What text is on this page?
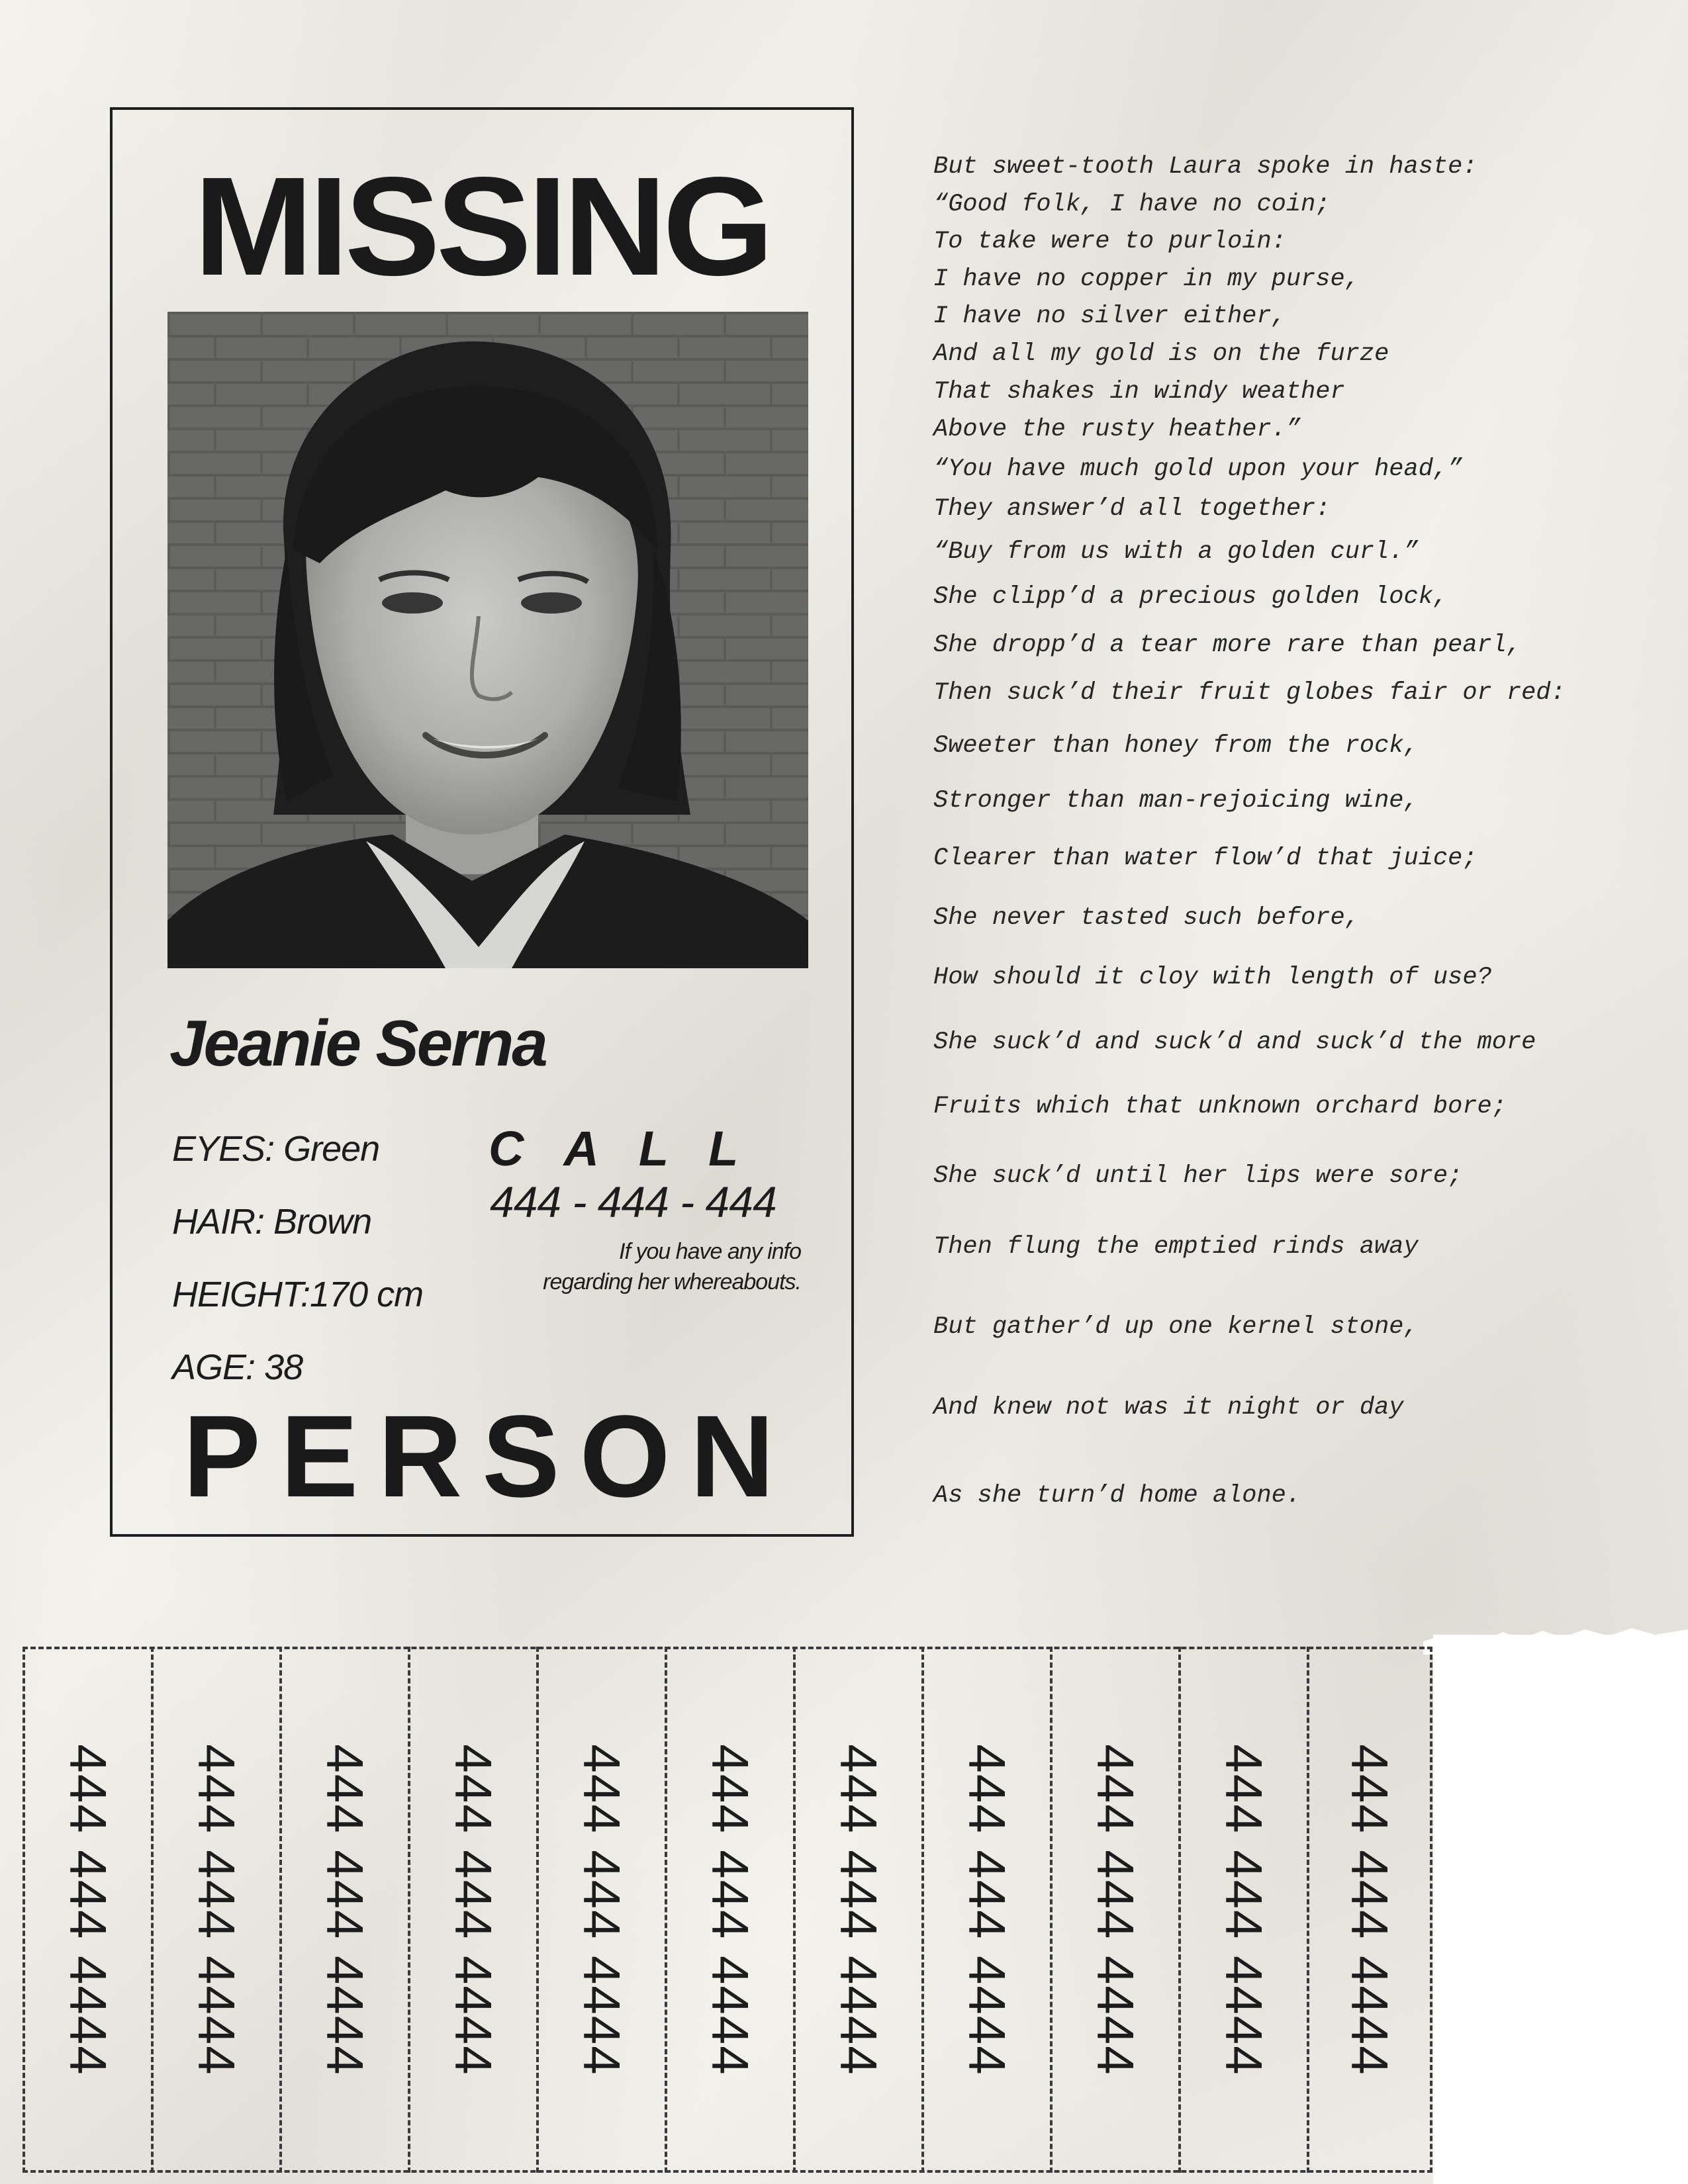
MISSING
Jeanie Serna
EYES: Green
HAIR: Brown
HEIGHT:170 cm
AGE: 38
CALL
444 - 444 - 444
If you have any info
regarding her whereabouts.
PERSON
But sweet-tooth Laura spoke in haste:
“Good folk, I have no coin;
To take were to purloin:
I have no copper in my purse,
I have no silver either,
And all my gold is on the furze
That shakes in windy weather
Above the rusty heather.”
“You have much gold upon your head,”
They answer’d all together:
“Buy from us with a golden curl.”
She clipp’d a precious golden lock,
She dropp’d a tear more rare than pearl,
Then suck’d their fruit globes fair or red:
Sweeter than honey from the rock,
Stronger than man-rejoicing wine,
Clearer than water flow’d that juice;
She never tasted such before,
How should it cloy with length of use?
She suck’d and suck’d and suck’d the more
Fruits which that unknown orchard bore;
She suck’d until her lips were sore;
Then flung the emptied rinds away
But gather’d up one kernel stone,
And knew not was it night or day
As she turn’d home alone.
444 444 4444 444 444 4444 444 444 4444 444 444 4444 444 444 4444 444 444 4444 444 444 4444 444 444 4444 444 444 4444 444 444 4444 444 444 4444
